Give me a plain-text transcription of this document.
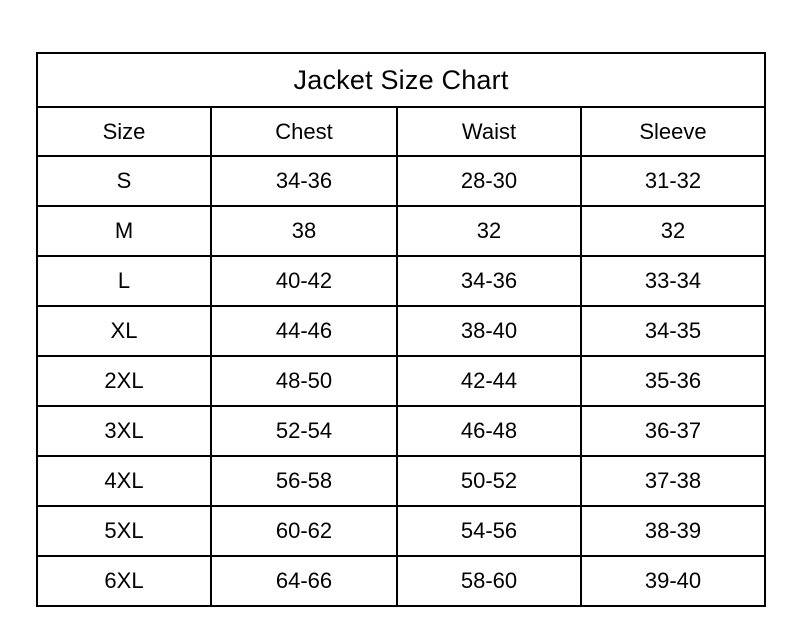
Jacket Size Chart			
Size	Chest	Waist	Sleeve
S	34-36	28-30	31-32
M	38	32	32
L	40-42	34-36	33-34
XL	44-46	38-40	34-35
2XL	48-50	42-44	35-36
3XL	52-54	46-48	36-37
4XL	56-58	50-52	37-38
5XL	60-62	54-56	38-39
6XL	64-66	58-60	39-40
